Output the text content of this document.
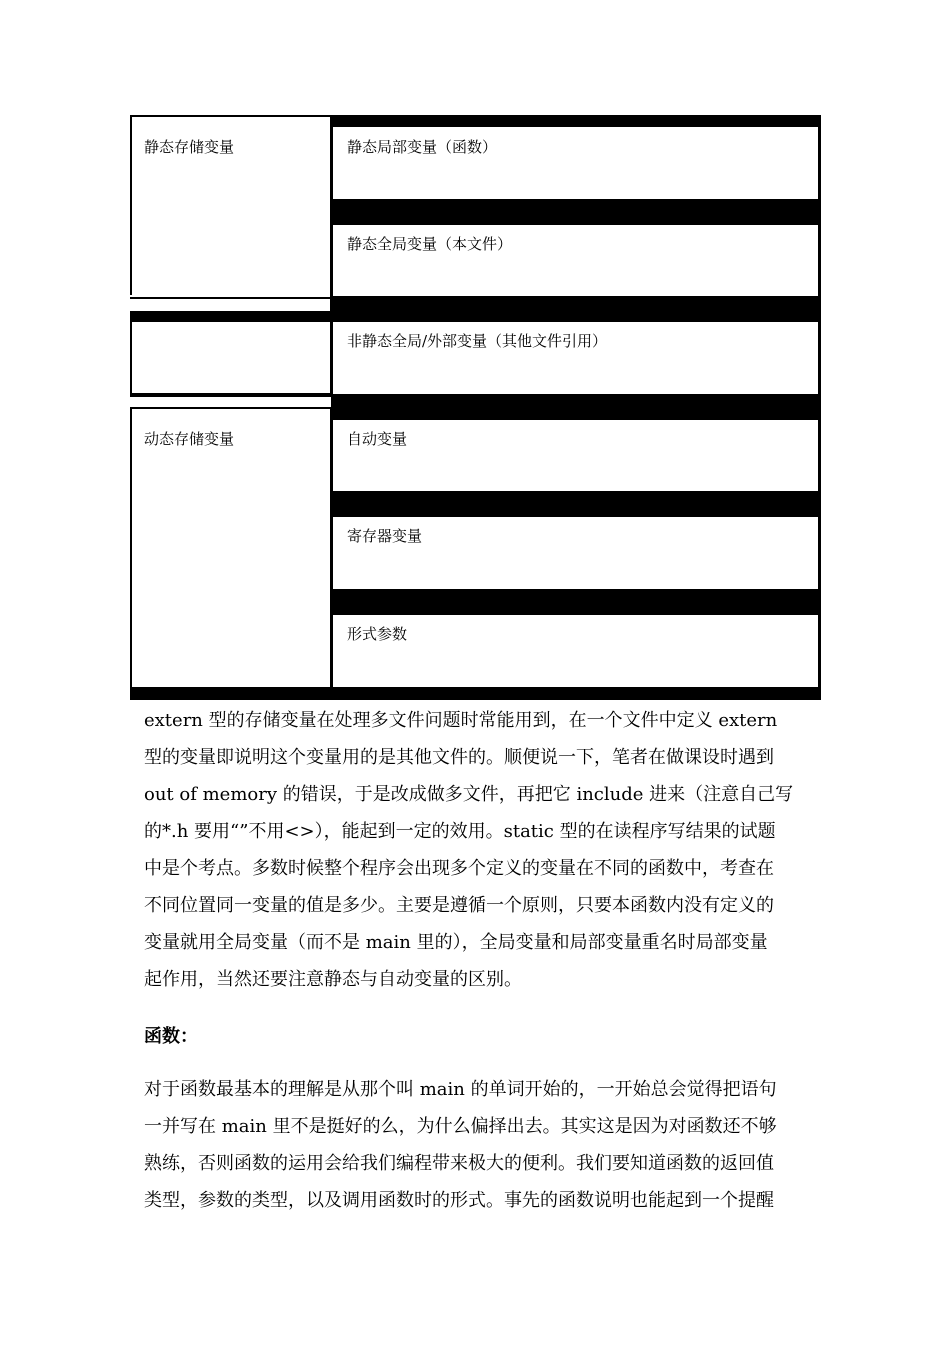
静态存储变量
动态存储变量
静态局部变量（函数）
静态全局变量（本文件）
非静态全局/外部变量（其他文件引用）
自动变量
寄存器变量
形式参数
extern 型的存储变量在处理多文件问题时常能用到，在一个文件中定义 extern
型的变量即说明这个变量用的是其他文件的。顺便说一下，笔者在做课设时遇到
out of memory 的错误，于是改成做多文件，再把它 include 进来（注意自己写
的*.h 要用“”不用<>），能起到一定的效用。static 型的在读程序写结果的试题
中是个考点。多数时候整个程序会出现多个定义的变量在不同的函数中，考查在
不同位置同一变量的值是多少。主要是遵循一个原则，只要本函数内没有定义的
变量就用全局变量（而不是 main 里的），全局变量和局部变量重名时局部变量
起作用，当然还要注意静态与自动变量的区别。
函数：
对于函数最基本的理解是从那个叫 main 的单词开始的，一开始总会觉得把语句
一并写在 main 里不是挺好的么，为什么偏择出去。其实这是因为对函数还不够
熟练，否则函数的运用会给我们编程带来极大的便利。我们要知道函数的返回值
类型，参数的类型，以及调用函数时的形式。事先的函数说明也能起到一个提醒
